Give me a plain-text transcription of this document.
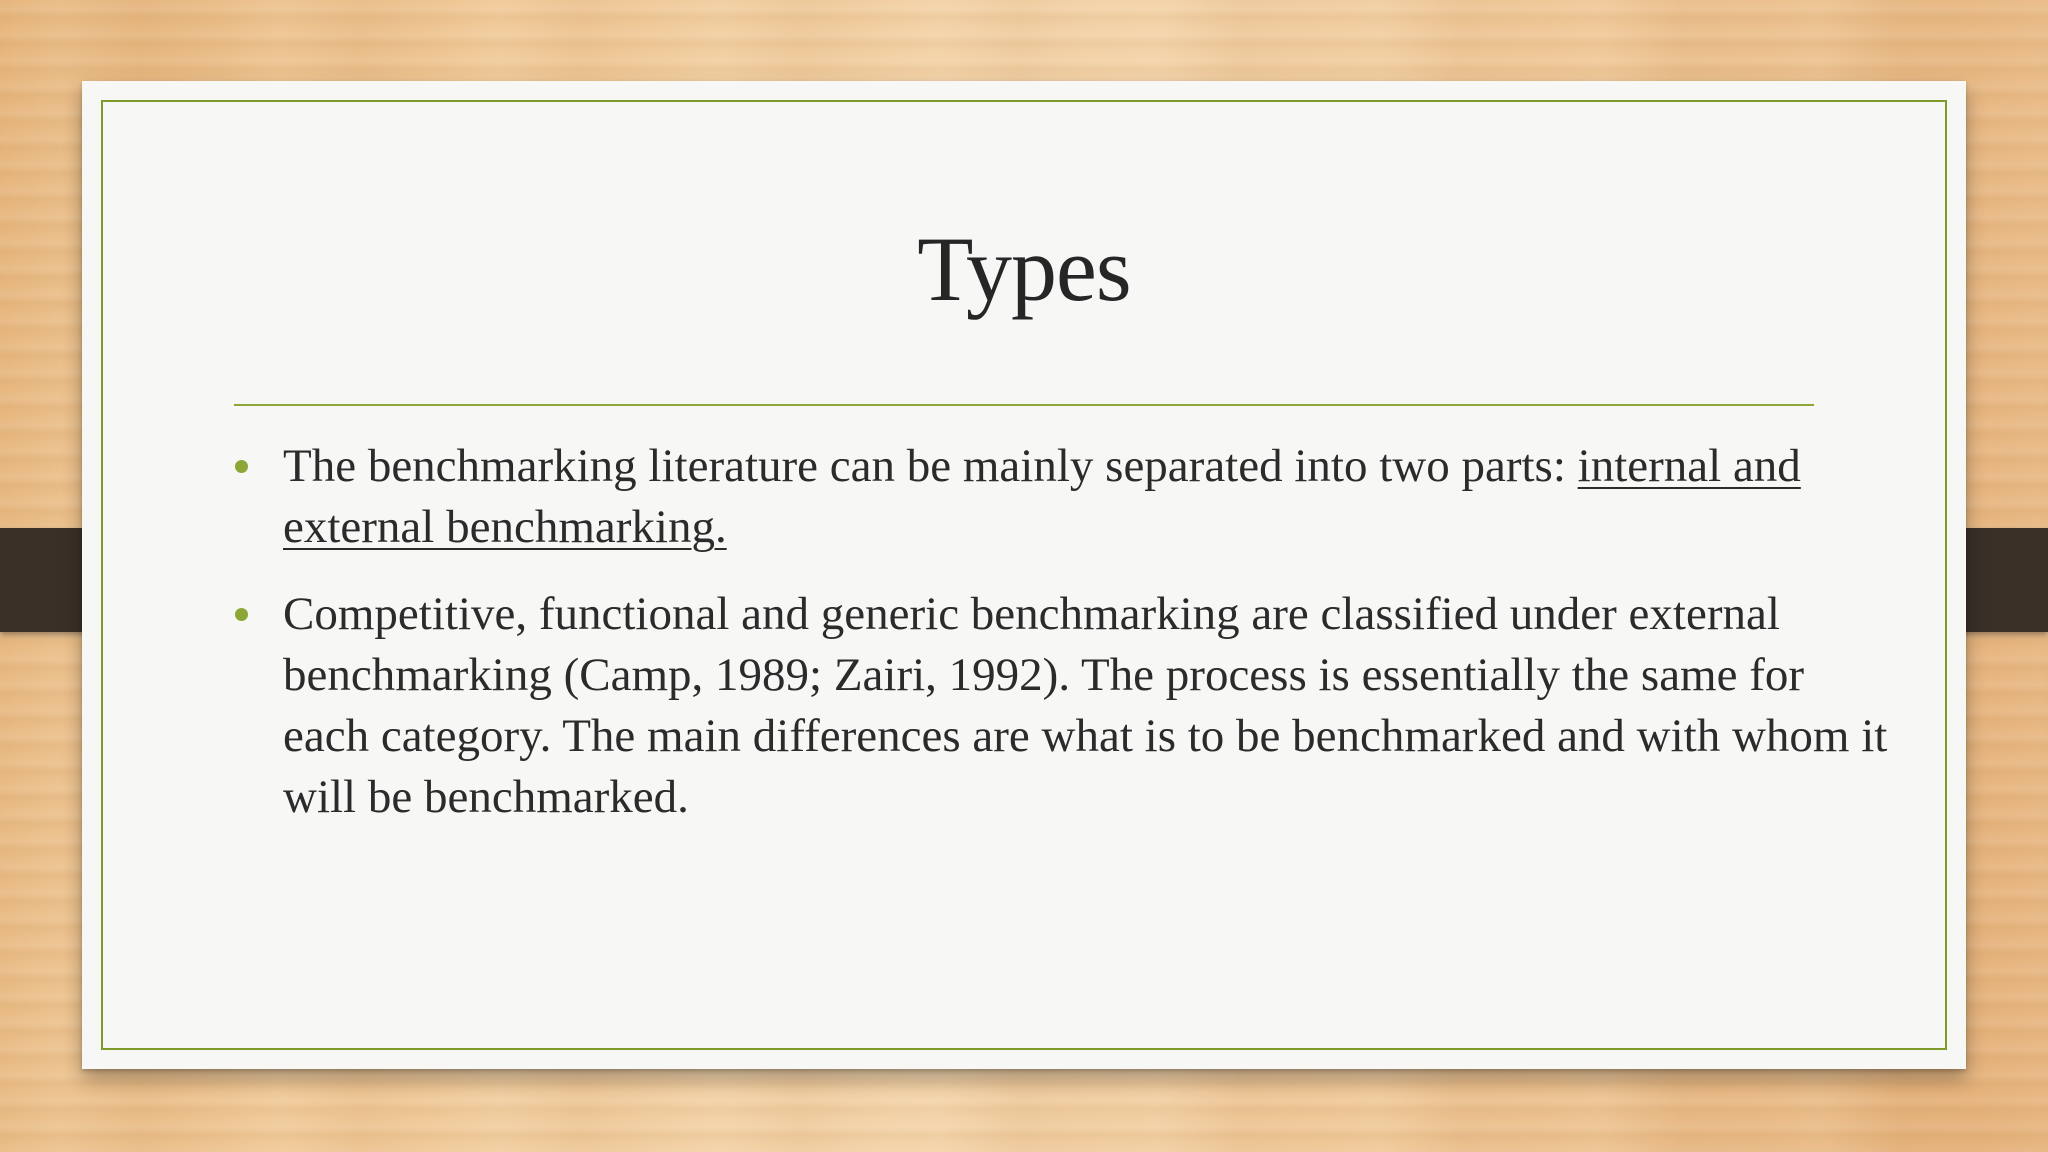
Types
The benchmarking literature can be mainly separated into two parts: internal and external benchmarking.
Competitive, functional and generic benchmarking are classified under external benchmarking (Camp, 1989; Zairi, 1992). The process is essentially the same for each category. The main differences are what is to be benchmarked and with whom it will be benchmarked.
